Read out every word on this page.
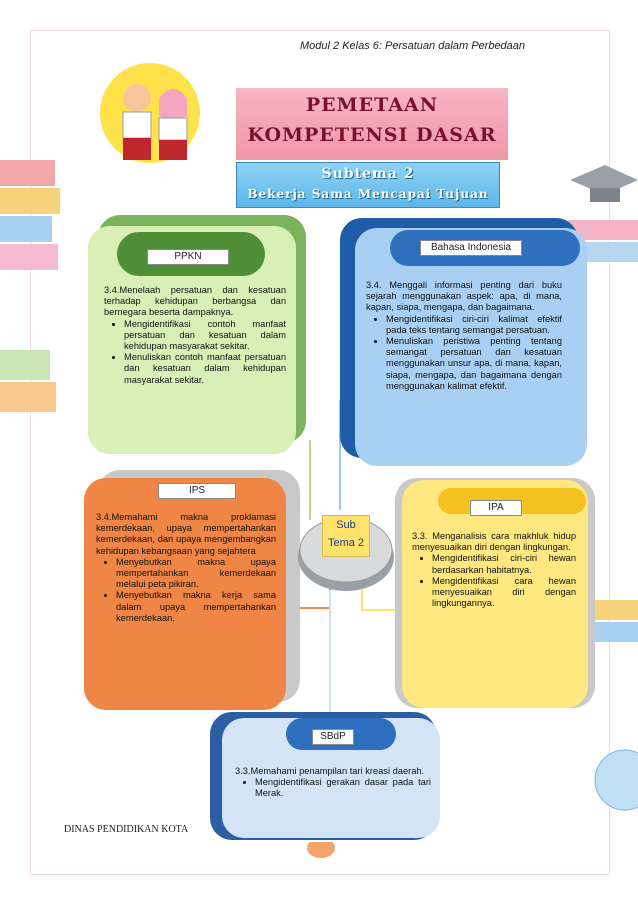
Modul 2 Kelas 6: Persatuan dalam Perbedaan
PEMETAAN
KOMPETENSI DASAR
Subtema 2
Bekerja Sama Mencapai Tujuan
PPKN
3.4.Menelaah persatuan dan kesatuan terhadap kehidupan berbangsa dan bernegara beserta dampaknya.
• Mengidentifikasi contoh manfaat persatuan dan kesatuan dalam kehidupan masyarakat sekitar.
• Menuliskan contoh manfaat persatuan dan kesatuan dalam kehidupan masyarakat sekitar.
Bahasa Indonesia
3.4. Menggali informasi penting dari buku sejarah menggunakan aspek: apa, di mana, kapan, siapa, mengapa, dan bagaimana.
• Mengidentifikasi ciri-ciri kalimat efektif pada teks tentang semangat persatuan.
• Menuliskan peristiwa penting tentang semangat persatuan dan kesatuan menggunakan unsur apa, di mana, kapan, siapa, mengapa, dan bagaimana dengan menggunakan kalimat efektif.
IPS
3.4.Memahami makna proklamasi kemerdekaan, upaya mempertahankan kemerdekaan, dan upaya mengembangkan kehidupan kebangsaan yang sejahtera
• Menyebutkan makna upaya mempertahankan kemerdekaan melalui peta pikiran.
• Menyebutkan makna kerja sama dalam upaya mempertahankan kemerdekaan.
IPA
3.3. Menganalisis cara makhluk hidup menyesuaikan diri dengan lingkungan.
• Mengidentifikasi ciri-ciri hewan berdasarkan habitatnya.
• Mengidentifikasi cara hewan menyesuaikan diri dengan lingkungannya.
Sub
Tema 2
SBdP
3.3.Memahami penampilan tari kreasi daerah.
• Mengidentifikasi gerakan dasar pada tari Merak.
DINAS PENDIDIKAN KOTA
